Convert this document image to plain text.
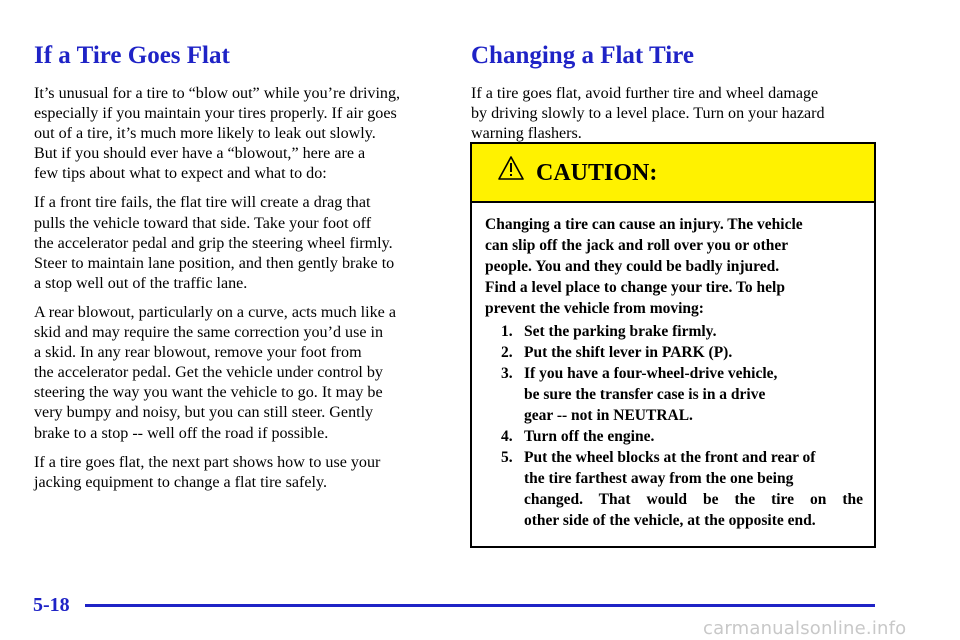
If a Tire Goes Flat
It’s unusual for a tire to “blow out” while you’re driving,
especially if you maintain your tires properly. If air goes
out of a tire, it’s much more likely to leak out slowly.
But if you should ever have a “blowout,” here are a
few tips about what to expect and what to do:
If a front tire fails, the flat tire will create a drag that
pulls the vehicle toward that side. Take your foot off
the accelerator pedal and grip the steering wheel firmly.
Steer to maintain lane position, and then gently brake to
a stop well out of the traffic lane.
A rear blowout, particularly on a curve, acts much like a
skid and may require the same correction you’d use in
a skid. In any rear blowout, remove your foot from
the accelerator pedal. Get the vehicle under control by
steering the way you want the vehicle to go. It may be
very bumpy and noisy, but you can still steer. Gently
brake to a stop -- well off the road if possible.
If a tire goes flat, the next part shows how to use your
jacking equipment to change a flat tire safely.
Changing a Flat Tire
If a tire goes flat, avoid further tire and wheel damage
by driving slowly to a level place. Turn on your hazard
warning flashers.
CAUTION:
Changing a tire can cause an injury. The vehicle
can slip off the jack and roll over you or other
people. You and they could be badly injured.
Find a level place to change your tire. To help
prevent the vehicle from moving:
1. Set the parking brake firmly.
2. Put the shift lever in PARK (P).
3. If you have a four-wheel-drive vehicle,
be sure the transfer case is in a drive
gear -- not in NEUTRAL.
4. Turn off the engine.
5. Put the wheel blocks at the front and rear of
the tire farthest away from the one being
changed. That would be the tire on the
other side of the vehicle, at the opposite end.
5-18
carmanualsonline.info
